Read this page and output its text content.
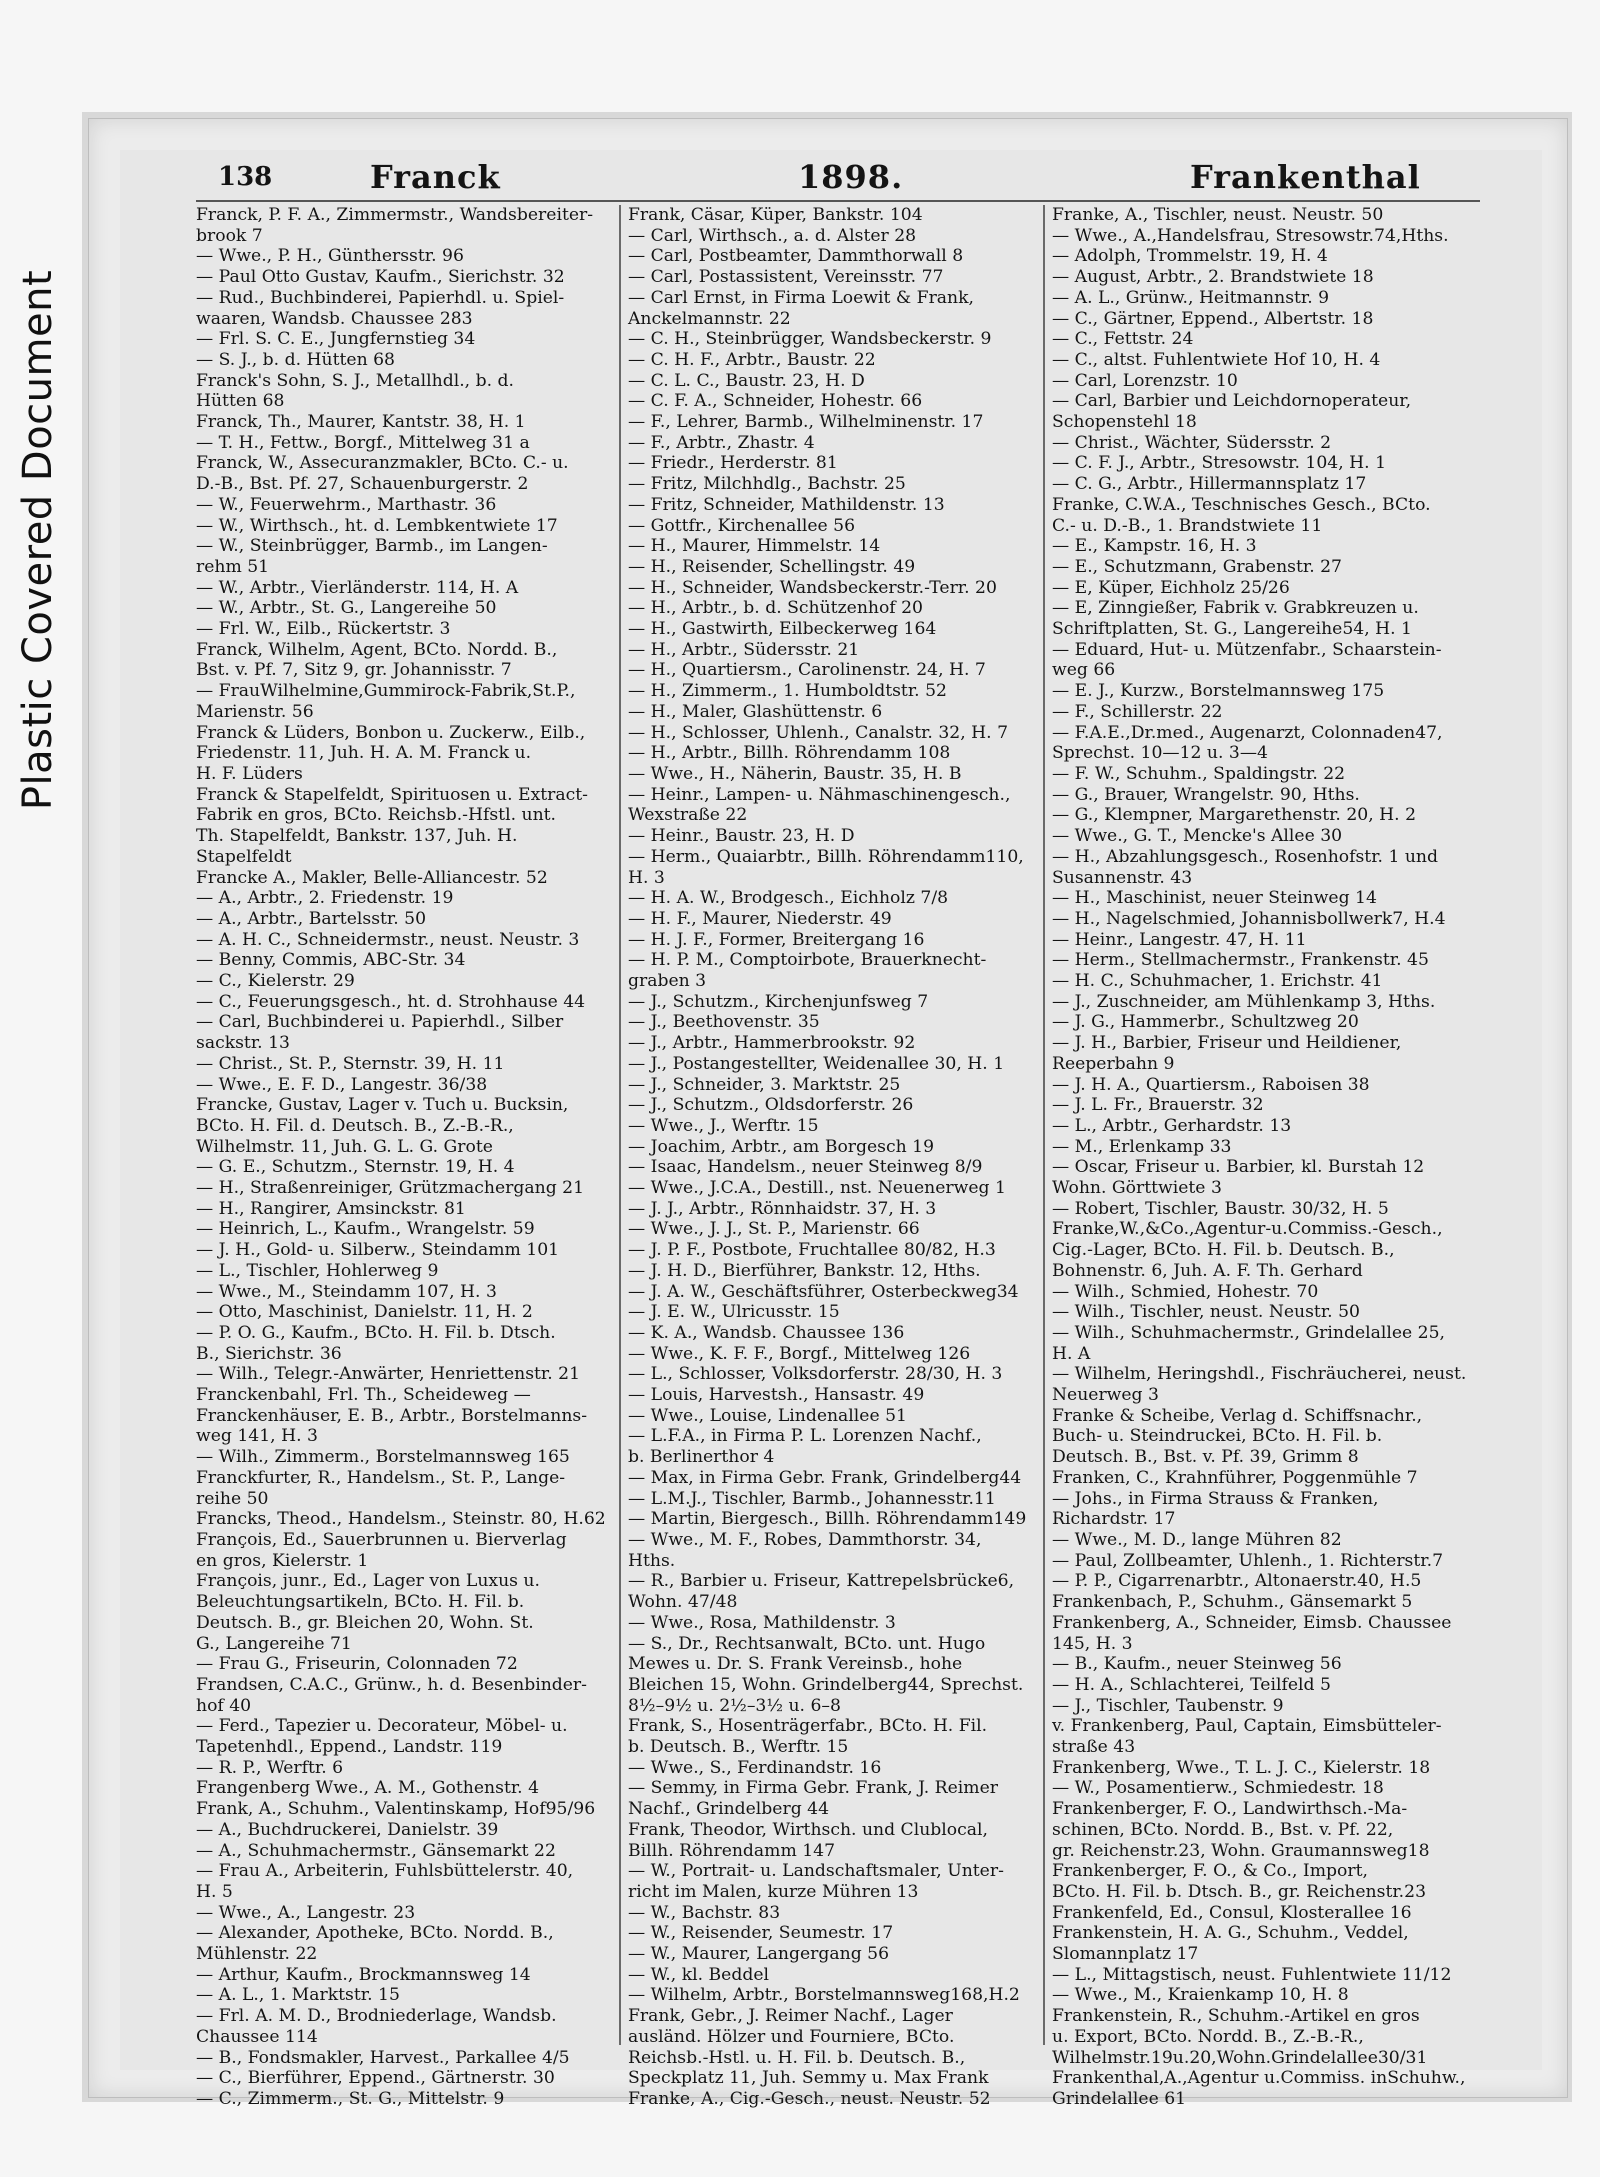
Plastic Covered Document
138	Franck	1898.	Frankenthal
Franck, P. F. A., Zimmermstr., Wandsbereiter-
brook 7
— Wwe., P. H., Günthersstr. 96
— Paul Otto Gustav, Kaufm., Sierichstr. 32
— Rud., Buchbinderei, Papierhdl. u. Spiel-
waaren, Wandsb. Chaussee 283
— Frl. S. C. E., Jungfernstieg 34
— S. J., b. d. Hütten 68
Franck's Sohn, S. J., Metallhdl., b. d.
Hütten 68
Franck, Th., Maurer, Kantstr. 38, H. 1
— T. H., Fettw., Borgf., Mittelweg 31 a
Franck, W., Assecuranzmakler, BCto. C.- u.
D.-B., Bst. Pf. 27, Schauenburgerstr. 2
— W., Feuerwehrm., Marthastr. 36
— W., Wirthsch., ht. d. Lembkentwiete 17
— W., Steinbrügger, Barmb., im Langen-
rehm 51
— W., Arbtr., Vierländerstr. 114, H. A
— W., Arbtr., St. G., Langereihe 50
— Frl. W., Eilb., Rückertstr. 3
Franck, Wilhelm, Agent, BCto. Nordd. B.,
Bst. v. Pf. 7, Sitz 9, gr. Johannisstr. 7
— FrauWilhelmine,Gummirock-Fabrik,St.P.,
Marienstr. 56
Franck & Lüders, Bonbon u. Zuckerw., Eilb.,
Friedenstr. 11, Juh. H. A. M. Franck u.
H. F. Lüders
Franck & Stapelfeldt, Spirituosen u. Extract-
Fabrik en gros, BCto. Reichsb.-Hfstl. unt.
Th. Stapelfeldt, Bankstr. 137, Juh. H.
Stapelfeldt
Francke A., Makler, Belle-Alliancestr. 52
— A., Arbtr., 2. Friedenstr. 19
— A., Arbtr., Bartelsstr. 50
— A. H. C., Schneidermstr., neust. Neustr. 3
— Benny, Commis, ABC-Str. 34
— C., Kielerstr. 29
— C., Feuerungsgesch., ht. d. Strohhause 44
— Carl, Buchbinderei u. Papierhdl., Silber
sackstr. 13
— Christ., St. P., Sternstr. 39, H. 11
— Wwe., E. F. D., Langestr. 36/38
Francke, Gustav, Lager v. Tuch u. Bucksin,
BCto. H. Fil. d. Deutsch. B., Z.-B.-R.,
Wilhelmstr. 11, Juh. G. L. G. Grote
— G. E., Schutzm., Sternstr. 19, H. 4
— H., Straßenreiniger, Grützmachergang 21
— H., Rangirer, Amsinckstr. 81
— Heinrich, L., Kaufm., Wrangelstr. 59
— J. H., Gold- u. Silberw., Steindamm 101
— L., Tischler, Hohlerweg 9
— Wwe., M., Steindamm 107, H. 3
— Otto, Maschinist, Danielstr. 11, H. 2
— P. O. G., Kaufm., BCto. H. Fil. b. Dtsch.
B., Sierichstr. 36
— Wilh., Telegr.-Anwärter, Henriettenstr. 21
Franckenbahl, Frl. Th., Scheideweg —
Franckenhäuser, E. B., Arbtr., Borstelmanns-
weg 141, H. 3
— Wilh., Zimmerm., Borstelmannsweg 165
Franckfurter, R., Handelsm., St. P., Lange-
reihe 50
Francks, Theod., Handelsm., Steinstr. 80, H.62
François, Ed., Sauerbrunnen u. Bierverlag
en gros, Kielerstr. 1
François, junr., Ed., Lager von Luxus u.
Beleuchtungsartikeln, BCto. H. Fil. b.
Deutsch. B., gr. Bleichen 20, Wohn. St.
G., Langereihe 71
— Frau G., Friseurin, Colonnaden 72
Frandsen, C.A.C., Grünw., h. d. Besenbinder-
hof 40
— Ferd., Tapezier u. Decorateur, Möbel- u.
Tapetenhdl., Eppend., Landstr. 119
— R. P., Werftr. 6
Frangenberg Wwe., A. M., Gothenstr. 4
Frank, A., Schuhm., Valentinskamp, Hof95/96
— A., Buchdruckerei, Danielstr. 39
— A., Schuhmachermstr., Gänsemarkt 22
— Frau A., Arbeiterin, Fuhlsbüttelerstr. 40,
H. 5
— Wwe., A., Langestr. 23
— Alexander, Apotheke, BCto. Nordd. B.,
Mühlenstr. 22
— Arthur, Kaufm., Brockmannsweg 14
— A. L., 1. Marktstr. 15
— Frl. A. M. D., Brodniederlage, Wandsb.
Chaussee 114
— B., Fondsmakler, Harvest., Parkallee 4/5
— C., Bierführer, Eppend., Gärtnerstr. 30
— C., Zimmerm., St. G., Mittelstr. 9
Frank, Cäsar, Küper, Bankstr. 104
— Carl, Wirthsch., a. d. Alster 28
— Carl, Postbeamter, Dammthorwall 8
— Carl, Postassistent, Vereinsstr. 77
— Carl Ernst, in Firma Loewit & Frank,
Anckelmannstr. 22
— C. H., Steinbrügger, Wandsbeckerstr. 9
— C. H. F., Arbtr., Baustr. 22
— C. L. C., Baustr. 23, H. D
— C. F. A., Schneider, Hohestr. 66
— F., Lehrer, Barmb., Wilhelminenstr. 17
— F., Arbtr., Zhastr. 4
— Friedr., Herderstr. 81
— Fritz, Milchhdlg., Bachstr. 25
— Fritz, Schneider, Mathildenstr. 13
— Gottfr., Kirchenallee 56
— H., Maurer, Himmelstr. 14
— H., Reisender, Schellingstr. 49
— H., Schneider, Wandsbeckerstr.-Terr. 20
— H., Arbtr., b. d. Schützenhof 20
— H., Gastwirth, Eilbeckerweg 164
— H., Arbtr., Südersstr. 21
— H., Quartiersm., Carolinenstr. 24, H. 7
— H., Zimmerm., 1. Humboldtstr. 52
— H., Maler, Glashüttenstr. 6
— H., Schlosser, Uhlenh., Canalstr. 32, H. 7
— H., Arbtr., Billh. Röhrendamm 108
— Wwe., H., Näherin, Baustr. 35, H. B
— Heinr., Lampen- u. Nähmaschinengesch.,
Wexstraße 22
— Heinr., Baustr. 23, H. D
— Herm., Quaiarbtr., Billh. Röhrendamm110,
H. 3
— H. A. W., Brodgesch., Eichholz 7/8
— H. F., Maurer, Niederstr. 49
— H. J. F., Former, Breitergang 16
— H. P. M., Comptoirbote, Brauerknecht-
graben 3
— J., Schutzm., Kirchenjunfsweg 7
— J., Beethovenstr. 35
— J., Arbtr., Hammerbrookstr. 92
— J., Postangestellter, Weidenallee 30, H. 1
— J., Schneider, 3. Marktstr. 25
— J., Schutzm., Oldsdorferstr. 26
— Wwe., J., Werftr. 15
— Joachim, Arbtr., am Borgesch 19
— Isaac, Handelsm., neuer Steinweg 8/9
— Wwe., J.C.A., Destill., nst. Neuenerweg 1
— J. J., Arbtr., Rönnhaidstr. 37, H. 3
— Wwe., J. J., St. P., Marienstr. 66
— J. P. F., Postbote, Fruchtallee 80/82, H.3
— J. H. D., Bierführer, Bankstr. 12, Hths.
— J. A. W., Geschäftsführer, Osterbeckweg34
— J. E. W., Ulricusstr. 15
— K. A., Wandsb. Chaussee 136
— Wwe., K. F. F., Borgf., Mittelweg 126
— L., Schlosser, Volksdorferstr. 28/30, H. 3
— Louis, Harvestsh., Hansastr. 49
— Wwe., Louise, Lindenallee 51
— L.F.A., in Firma P. L. Lorenzen Nachf.,
b. Berlinerthor 4
— Max, in Firma Gebr. Frank, Grindelberg44
— L.M.J., Tischler, Barmb., Johannesstr.11
— Martin, Biergesch., Billh. Röhrendamm149
— Wwe., M. F., Robes, Dammthorstr. 34,
Hths.
— R., Barbier u. Friseur, Kattrepelsbrücke6,
Wohn. 47/48
— Wwe., Rosa, Mathildenstr. 3
— S., Dr., Rechtsanwalt, BCto. unt. Hugo
Mewes u. Dr. S. Frank Vereinsb., hohe
Bleichen 15, Wohn. Grindelberg44, Sprechst.
8½–9½ u. 2½–3½ u. 6–8
Frank, S., Hosenträgerfabr., BCto. H. Fil.
b. Deutsch. B., Werftr. 15
— Wwe., S., Ferdinandstr. 16
— Semmy, in Firma Gebr. Frank, J. Reimer
Nachf., Grindelberg 44
Frank, Theodor, Wirthsch. und Clublocal,
Billh. Röhrendamm 147
— W., Portrait- u. Landschaftsmaler, Unter-
richt im Malen, kurze Mühren 13
— W., Bachstr. 83
— W., Reisender, Seumestr. 17
— W., Maurer, Langergang 56
— W., kl. Beddel
— Wilhelm, Arbtr., Borstelmannsweg168,H.2
Frank, Gebr., J. Reimer Nachf., Lager
ausländ. Hölzer und Fourniere, BCto.
Reichsb.-Hstl. u. H. Fil. b. Deutsch. B.,
Speckplatz 11, Juh. Semmy u. Max Frank
Franke, A., Cig.-Gesch., neust. Neustr. 52
Franke, A., Tischler, neust. Neustr. 50
— Wwe., A.,Handelsfrau, Stresowstr.74,Hths.
— Adolph, Trommelstr. 19, H. 4
— August, Arbtr., 2. Brandstwiete 18
— A. L., Grünw., Heitmannstr. 9
— C., Gärtner, Eppend., Albertstr. 18
— C., Fettstr. 24
— C., altst. Fuhlentwiete Hof 10, H. 4
— Carl, Lorenzstr. 10
— Carl, Barbier und Leichdornoperateur,
Schopenstehl 18
— Christ., Wächter, Südersstr. 2
— C. F. J., Arbtr., Stresowstr. 104, H. 1
— C. G., Arbtr., Hillermannsplatz 17
Franke, C.W.A., Teschnisches Gesch., BCto.
C.- u. D.-B., 1. Brandstwiete 11
— E., Kampstr. 16, H. 3
— E., Schutzmann, Grabenstr. 27
— E, Küper, Eichholz 25/26
— E, Zinngießer, Fabrik v. Grabkreuzen u.
Schriftplatten, St. G., Langereihe54, H. 1
— Eduard, Hut- u. Mützenfabr., Schaarstein-
weg 66
— E. J., Kurzw., Borstelmannsweg 175
— F., Schillerstr. 22
— F.A.E.,Dr.med., Augenarzt, Colonnaden47,
Sprechst. 10—12 u. 3—4
— F. W., Schuhm., Spaldingstr. 22
— G., Brauer, Wrangelstr. 90, Hths.
— G., Klempner, Margarethenstr. 20, H. 2
— Wwe., G. T., Mencke's Allee 30
— H., Abzahlungsgesch., Rosenhofstr. 1 und
Susannenstr. 43
— H., Maschinist, neuer Steinweg 14
— H., Nagelschmied, Johannisbollwerk7, H.4
— Heinr., Langestr. 47, H. 11
— Herm., Stellmachermstr., Frankenstr. 45
— H. C., Schuhmacher, 1. Erichstr. 41
— J., Zuschneider, am Mühlenkamp 3, Hths.
— J. G., Hammerbr., Schultzweg 20
— J. H., Barbier, Friseur und Heildiener,
Reeperbahn 9
— J. H. A., Quartiersm., Raboisen 38
— J. L. Fr., Brauerstr. 32
— L., Arbtr., Gerhardstr. 13
— M., Erlenkamp 33
— Oscar, Friseur u. Barbier, kl. Burstah 12
Wohn. Görttwiete 3
— Robert, Tischler, Baustr. 30/32, H. 5
Franke,W.,&Co.,Agentur-u.Commiss.-Gesch.,
Cig.-Lager, BCto. H. Fil. b. Deutsch. B.,
Bohnenstr. 6, Juh. A. F. Th. Gerhard
— Wilh., Schmied, Hohestr. 70
— Wilh., Tischler, neust. Neustr. 50
— Wilh., Schuhmachermstr., Grindelallee 25,
H. A
— Wilhelm, Heringshdl., Fischräucherei, neust.
Neuerweg 3
Franke & Scheibe, Verlag d. Schiffsnachr.,
Buch- u. Steindruckei, BCto. H. Fil. b.
Deutsch. B., Bst. v. Pf. 39, Grimm 8
Franken, C., Krahnführer, Poggenmühle 7
— Johs., in Firma Strauss & Franken,
Richardstr. 17
— Wwe., M. D., lange Mühren 82
— Paul, Zollbeamter, Uhlenh., 1. Richterstr.7
— P. P., Cigarrenarbtr., Altonaerstr.40, H.5
Frankenbach, P., Schuhm., Gänsemarkt 5
Frankenberg, A., Schneider, Eimsb. Chaussee
145, H. 3
— B., Kaufm., neuer Steinweg 56
— H. A., Schlachterei, Teilfeld 5
— J., Tischler, Taubenstr. 9
v. Frankenberg, Paul, Captain, Eimsbütteler-
straße 43
Frankenberg, Wwe., T. L. J. C., Kielerstr. 18
— W., Posamentierw., Schmiedestr. 18
Frankenberger, F. O., Landwirthsch.-Ma-
schinen, BCto. Nordd. B., Bst. v. Pf. 22,
gr. Reichenstr.23, Wohn. Graumannsweg18
Frankenberger, F. O., & Co., Import,
BCto. H. Fil. b. Dtsch. B., gr. Reichenstr.23
Frankenfeld, Ed., Consul, Klosterallee 16
Frankenstein, H. A. G., Schuhm., Veddel,
Slomannplatz 17
— L., Mittagstisch, neust. Fuhlentwiete 11/12
— Wwe., M., Kraienkamp 10, H. 8
Frankenstein, R., Schuhm.-Artikel en gros
u. Export, BCto. Nordd. B., Z.-B.-R.,
Wilhelmstr.19u.20,Wohn.Grindelallee30/31
Frankenthal,A.,Agentur u.Commiss. inSchuhw.,
Grindelallee 61
